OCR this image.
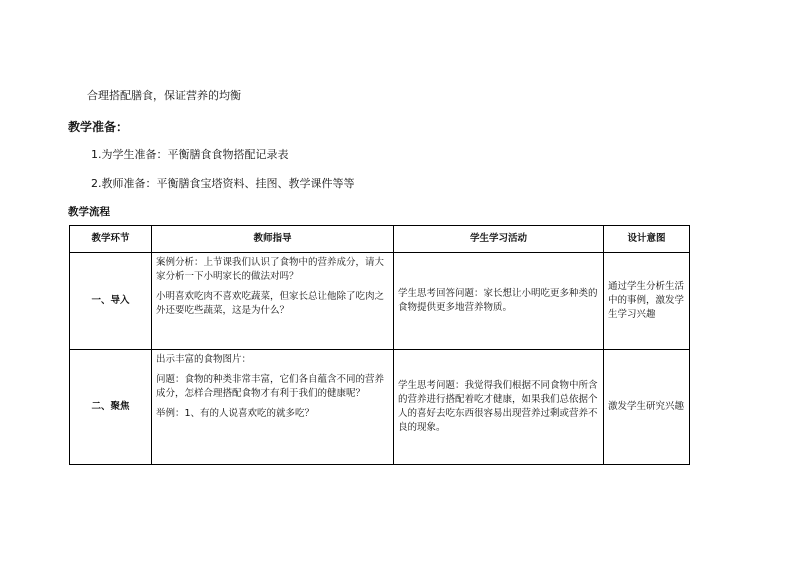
合理搭配膳食，保证营养的均衡
教学准备：
1.为学生准备：平衡膳食食物搭配记录表
2.教师准备：平衡膳食宝塔资料、挂图、教学课件等等
教学流程
教学环节	教师指导	学生学习活动	设计意图
一、导入	案例分析：上节课我们认识了食物中的营养成分，请大家分析一下小明家长的做法对吗？

小明喜欢吃肉不喜欢吃蔬菜，但家长总让他除了吃肉之外还要吃些蔬菜，这是为什么？	学生思考回答问题：家长想让小明吃更多种类的食物提供更多地营养物质。	通过学生分析生活中的事例，激发学生学习兴趣
二、聚焦	出示丰富的食物图片：

问题：食物的种类非常丰富，它们各自蕴含不同的营养成分，怎样合理搭配食物才有利于我们的健康呢？

举例：1、有的人说喜欢吃的就多吃？	学生思考问题：我觉得我们根据不同食物中所含的营养进行搭配着吃才健康，如果我们总依据个人的喜好去吃东西很容易出现营养过剩或营养不良的现象。	激发学生研究兴趣
